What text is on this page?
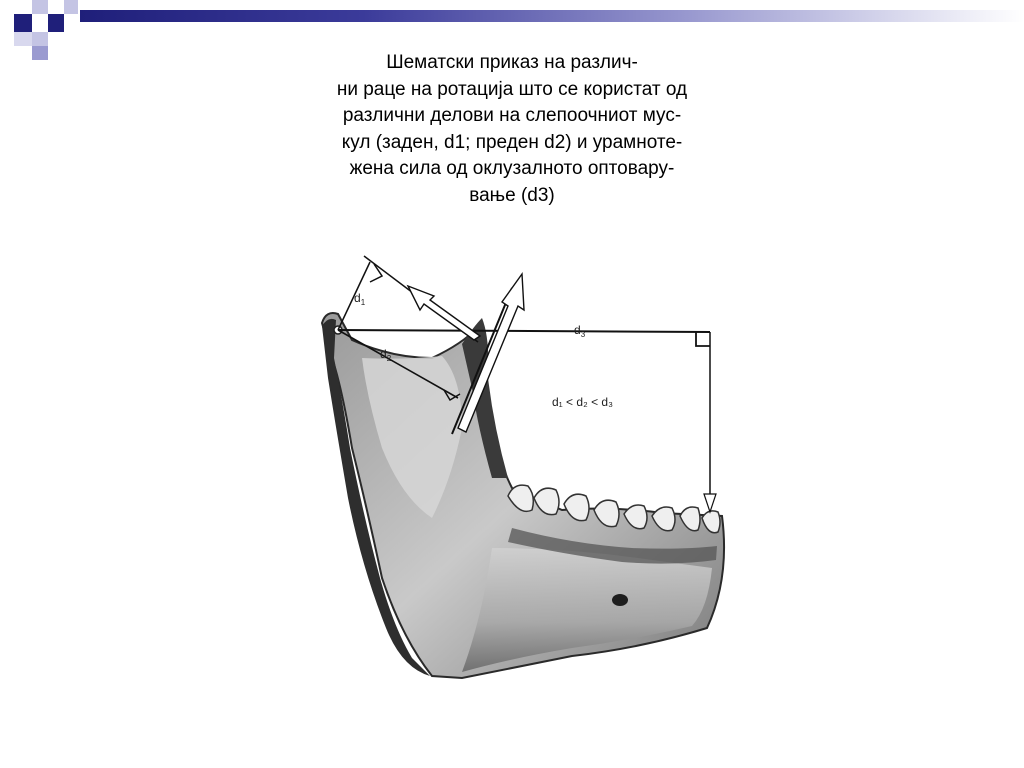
Шематски приказ на различ-
ни раце на ротација што се користат од
различни делови на слепоочниот мус-
кул (заден, d1; преден d2) и урамноте-
жена сила од оклузалното оптовару-
вање (d3)
$d_1$
$d_2$
$d_3$
d₁ < d₂ < d₃
